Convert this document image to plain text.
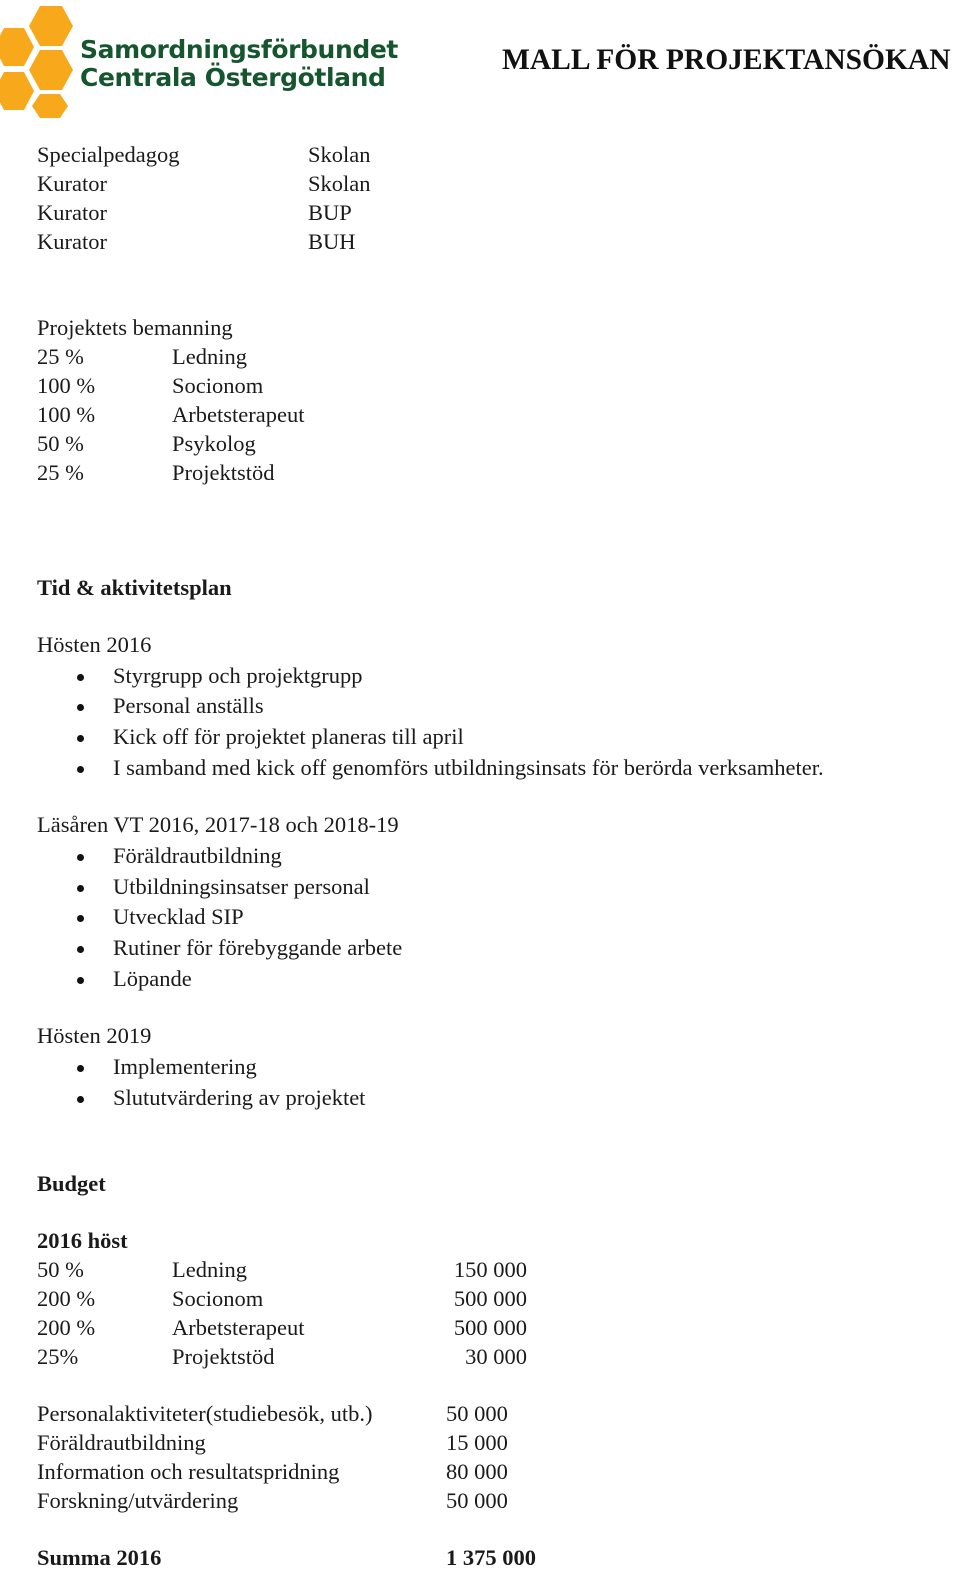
Samordningsförbundet
Centrala Östergötland
MALL FÖR PROJEKTANSÖKAN
Specialpedagog	Skolan
Kurator	Skolan
Kurator	BUP
Kurator	BUH
Projektets bemanning
25 %	Ledning
100 %	Socionom
100 %	Arbetsterapeut
50 %	Psykolog
25 %	Projektstöd
Tid & aktivitetsplan
Hösten 2016
Styrgrupp och projektgrupp
Personal anställs
Kick off för projektet planeras till april
I samband med kick off genomförs utbildningsinsats för berörda verksamheter.
Läsåren VT 2016, 2017-18 och 2018-19
Föräldrautbildning
Utbildningsinsatser personal
Utvecklad SIP
Rutiner för förebyggande arbete
Löpande
Hösten 2019
Implementering
Slututvärdering av projektet
Budget
2016 höst
50 %	Ledning	150 000
200 %	Socionom	500 000
200 %	Arbetsterapeut	500 000
25%	Projektstöd	30 000
Personalaktiviteter(studiebesök, utb.)	50 000
Föräldrautbildning	15 000
Information och resultatspridning	80 000
Forskning/utvärdering	50 000
Summa 2016	1 375 000
